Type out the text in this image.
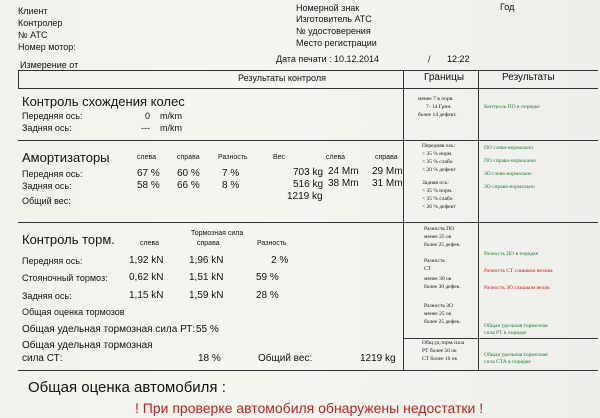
Клиент
Контролер
№ АТС
Номер мотор:
Номерной знак
Изготовитель АТС
№ удостоверения
Место регистрации
Год
Измерение от
Дата печати : 10.12.2014	/ 12:22
Результаты контроля	Границы	Результаты
Контроль схождения колес
Передняя ось:	0 m/km
Задняя ось:	--- m/km
менее 7 в поря.
7- 14 Грин.
более 14 дефект.
Контроль ПО в порядке
Амортизаторы	слева	справа	Разность	Вес	слева	справа
Передняя ось:	67 % 60 % 7 %	703 kg 24 Mm 29 Mm
Задняя ось:	58 % 66 % 8 %	516 kg 38 Mm 31 Mm
Общий вес:	1219 kg
Передняя ось:
> 35 % норм.
< 35 % слабо
< 20 % дефект
Задняя ось:
> 35 % норм.
< 35 % слабо
< 20 % дефект
ПО слева-нормально
ПО справа-нормально
ЗО слева-нормально
ЗО справа-нормально
Контроль торм.	Тормозная сила
слева	справа	Разность
Передняя ось:	1,92 kN	1,96 kN	2 %
Стояночный тормоз: 0,62 kN	1,51 kN	59 %
Задняя ось:	1,15 kN	1,59 kN	28 %
Общая оценка тормозов
Общая удельная тормозная сила РТ: 55 %
Общая удельная тормозная
сила СТ:	18 %	Общий вес:	1219 kg
Разность ПО
менее 25 ок
более 25 дефек.
Разность
СТ
менее 30 ок
более 30 дефек.
Разность ЗО
менее 25 ок
более 25 дефек.
Общ.уд.торм.сила
РТ более 50 ок
СТ более 16 ок
Разность ПО в порядке
Разность СТ слишком велика
Разность ЗО слишком велик
Общая удельная тормозная
сила РТ в порядке
Общая удельная тормозная
сила СТА в порядке
Общая оценка автомобиля :
! При проверке автомобиля обнаружены недостатки !
